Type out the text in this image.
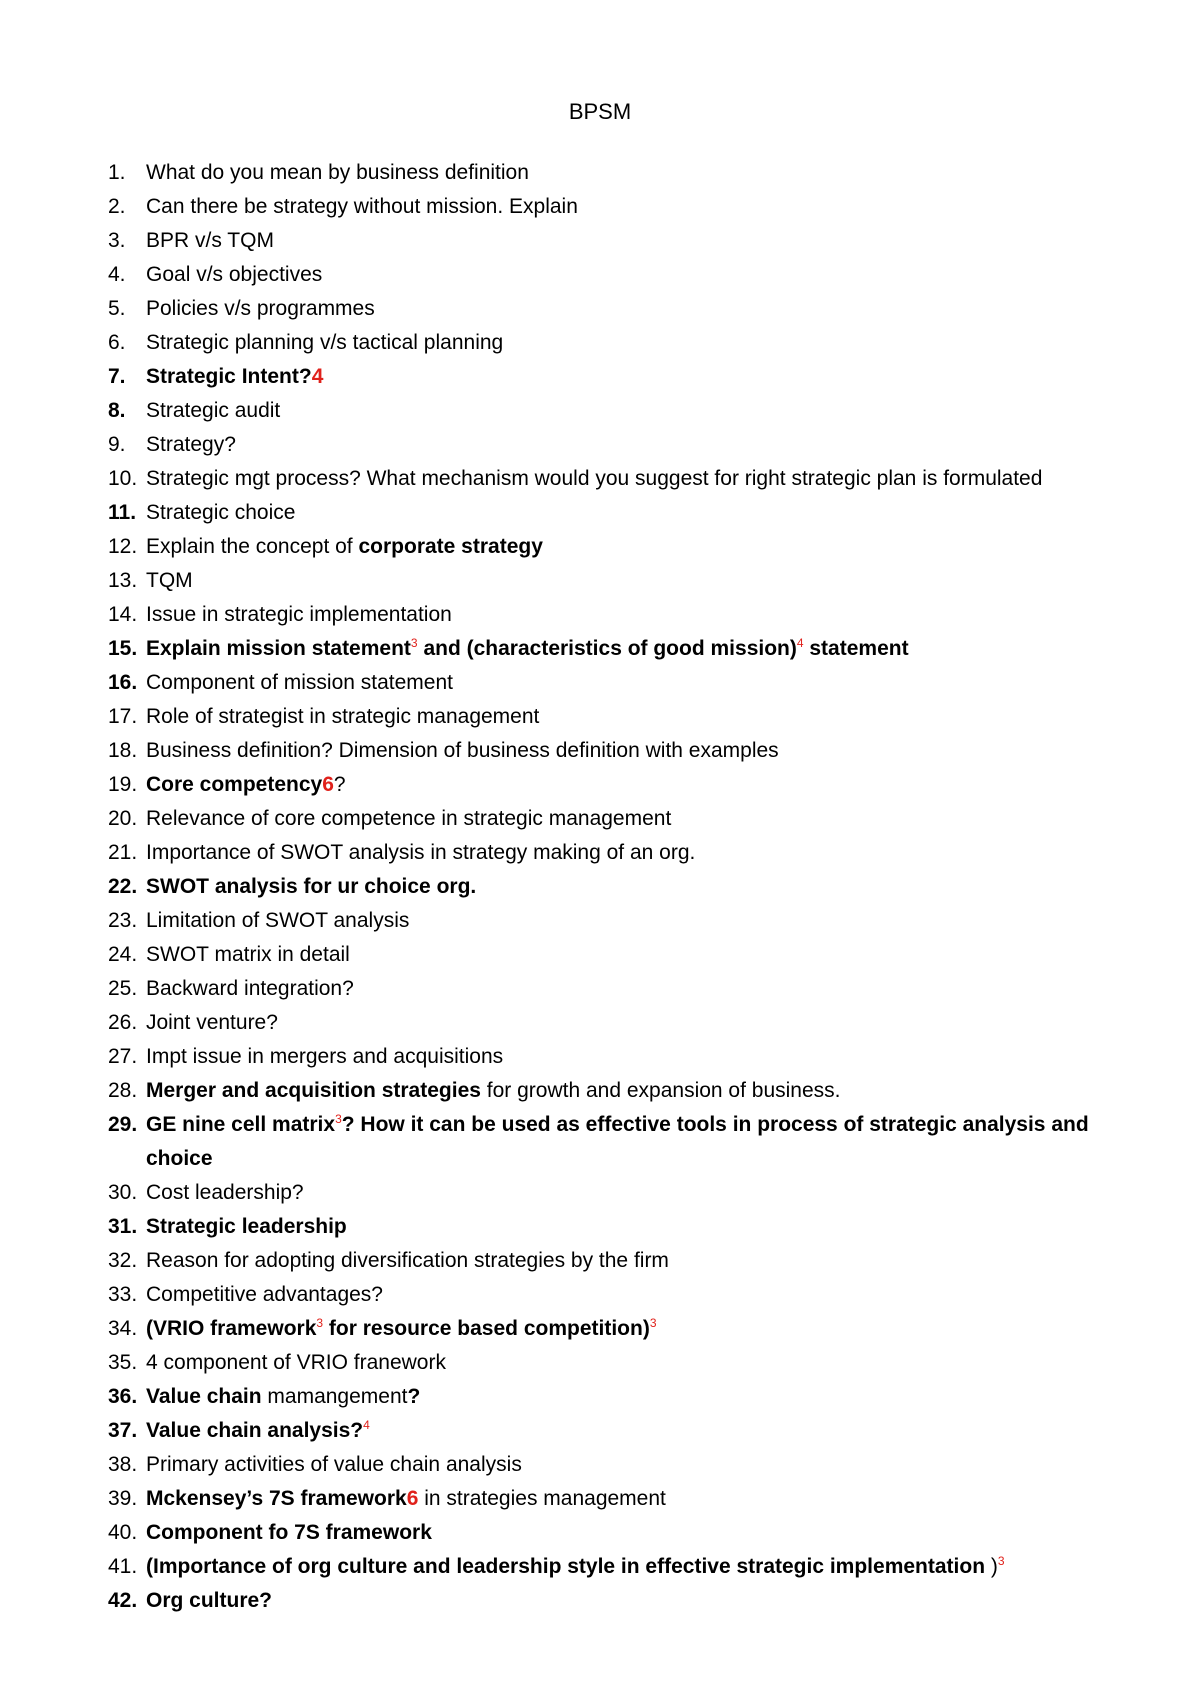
BPSM
1. What do you mean by business definition
2. Can there be strategy without mission. Explain
3. BPR v/s TQM
4. Goal v/s objectives
5. Policies v/s programmes
6. Strategic planning v/s tactical planning
7. Strategic Intent?4
8. Strategic audit
9. Strategy?
10. Strategic mgt process? What mechanism would you suggest for right strategic plan is formulated
11. Strategic choice
12. Explain the concept of corporate strategy
13. TQM
14. Issue in strategic implementation
15. Explain mission statement$^3$ and (characteristics of good mission)$^4$ statement
16. Component of mission statement
17. Role of strategist in strategic management
18. Business definition? Dimension of business definition with examples
19. Core competency6?
20. Relevance of core competence in strategic management
21. Importance of SWOT analysis in strategy making of an org.
22. SWOT analysis for ur choice org.
23. Limitation of SWOT analysis
24. SWOT matrix in detail
25. Backward integration?
26. Joint venture?
27. Impt issue in mergers and acquisitions
28. Merger and acquisition strategies for growth and expansion of business.
29. GE nine cell matrix$^3$? How it can be used as effective tools in process of strategic analysis and choice
30. Cost leadership?
31. Strategic leadership
32. Reason for adopting diversification strategies by the firm
33. Competitive advantages?
34. (VRIO framework$^3$ for resource based competition)$^3$
35. 4 component of VRIO franework
36. Value chain mamangement?
37. Value chain analysis?$^4$
38. Primary activities of value chain analysis
39. Mckensey’s 7S framework6 in strategies management
40. Component fo 7S framework
41. (Importance of org culture and leadership style in effective strategic implementation )$^3$
42. Org culture?
